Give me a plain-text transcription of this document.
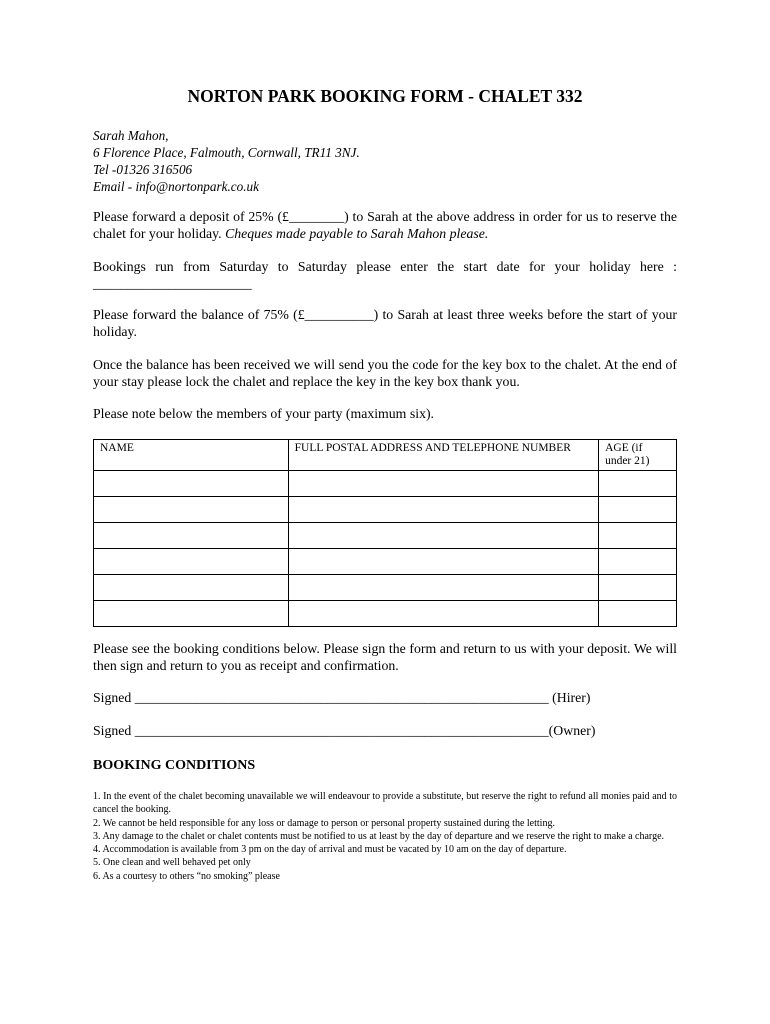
NORTON PARK BOOKING FORM - CHALET 332
Sarah Mahon,
6 Florence Place, Falmouth, Cornwall, TR11 3NJ.
Tel -01326 316506
Email - info@nortonpark.co.uk
Please forward a deposit of 25% (£________) to Sarah at the above address in order for us to reserve the chalet for your holiday. Cheques made payable to Sarah Mahon please.
Bookings run from Saturday to Saturday please enter the start date for your holiday here : _______________________
Please forward the balance of 75% (£__________) to Sarah at least three weeks before the start of your holiday.
Once the balance has been received we will send you the code for the key box to the chalet. At the end of your stay please lock the chalet and replace the key in the key box thank you.
Please note below the members of your party (maximum six).
NAME	FULL POSTAL ADDRESS AND TELEPHONE NUMBER	AGE (if under 21)

Please see the booking conditions below. Please sign the form and return to us with your deposit. We will then sign and return to you as receipt and confirmation.
Signed ____________________________________________________________ (Hirer)
Signed ____________________________________________________________(Owner)
BOOKING CONDITIONS
1. In the event of the chalet becoming unavailable we will endeavour to provide a substitute, but reserve the right to refund all monies paid and to cancel the booking.
2. We cannot be held responsible for any loss or damage to person or personal property sustained during the letting.
3. Any damage to the chalet or chalet contents must be notified to us at least by the day of departure and we reserve the right to make a charge.
4. Accommodation is available from 3 pm on the day of arrival and must be vacated by 10 am on the day of departure.
5. One clean and well behaved pet only
6. As a courtesy to others “no smoking” please
